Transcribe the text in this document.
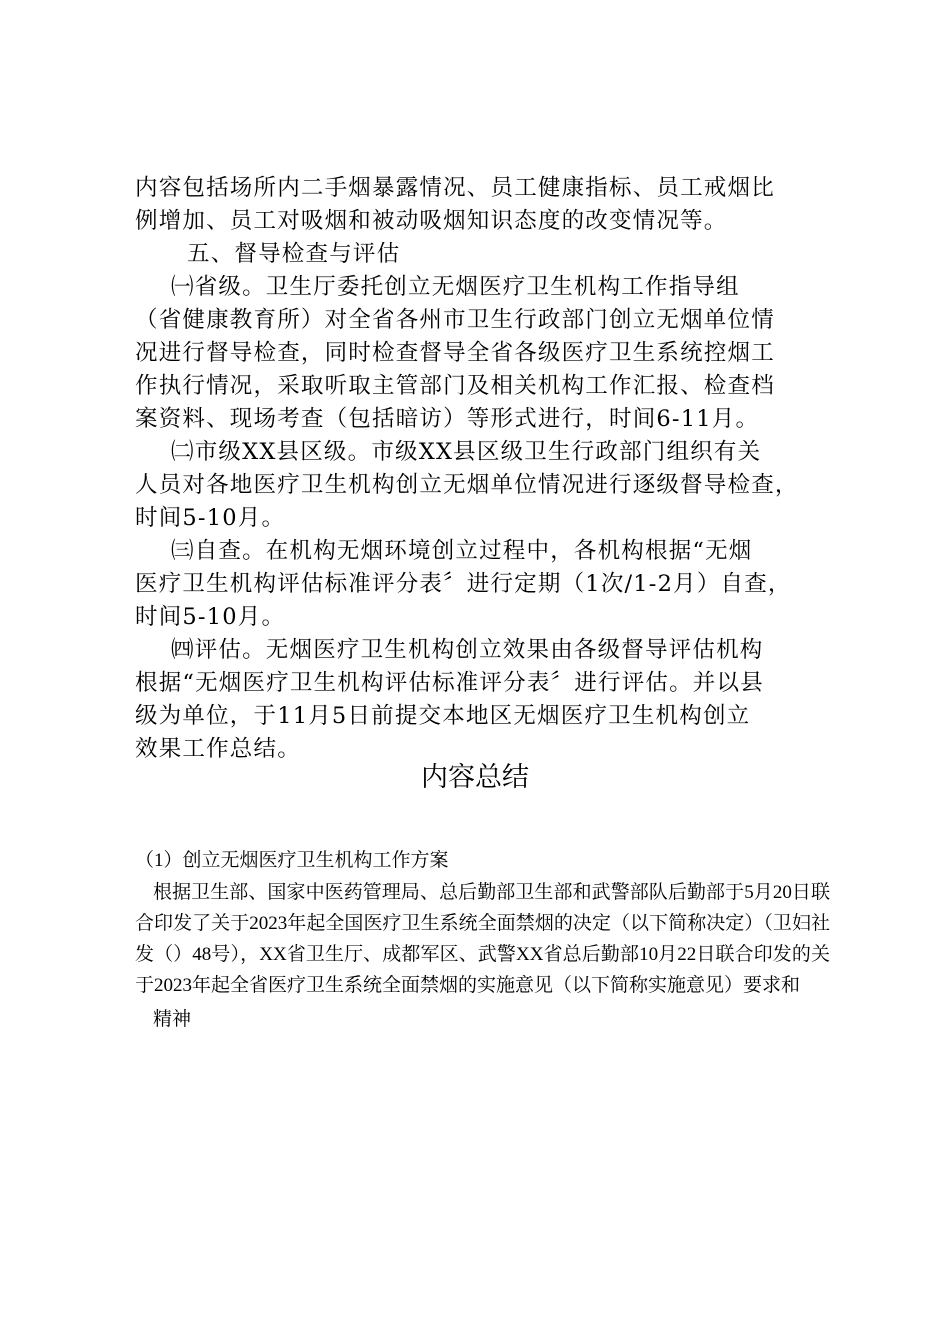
内容包括场所内二手烟暴露情况、员工健康指标、员工戒烟比
例增加、员工对吸烟和被动吸烟知识态度的改变情况等。

五、督导检查与评估

㈠省级。卫生厅委托创立无烟医疗卫生机构工作指导组
（省健康教育所）对全省各州市卫生行政部门创立无烟单位情
况进行督导检查，同时检查督导全省各级医疗卫生系统控烟工
作执行情况，采取听取主管部门及相关机构工作汇报、检查档
案资料、现场考查（包括暗访）等形式进行，时间6-11月。

㈡市级XX县区级。市级XX县区级卫生行政部门组织有关
人员对各地医疗卫生机构创立无烟单位情况进行逐级督导检查，
时间5-10月。

㈢自查。在机构无烟环境创立过程中，各机构根据“无烟
医疗卫生机构评估标准评分表〞进行定期（1次/1-2月）自查，
时间5-10月。

㈣评估。无烟医疗卫生机构创立效果由各级督导评估机构
根据“无烟医疗卫生机构评估标准评分表〞进行评估。并以县
级为单位，于11月5日前提交本地区无烟医疗卫生机构创立
效果工作总结。

内容总结

（1）创立无烟医疗卫生机构工作方案

根据卫生部、国家中医药管理局、总后勤部卫生部和武警部队后勤部于5月20日联合印发了关于2023年起全国医疗卫生系统全面禁烟的决定（以下简称决定）（卫妇社发（）48号），XX省卫生厅、成都军区、武警XX省总后勤部10月22日联合印发的关于2023年起全省医疗卫生系统全面禁烟的实施意见（以下简称实施意见）要求和

精神
